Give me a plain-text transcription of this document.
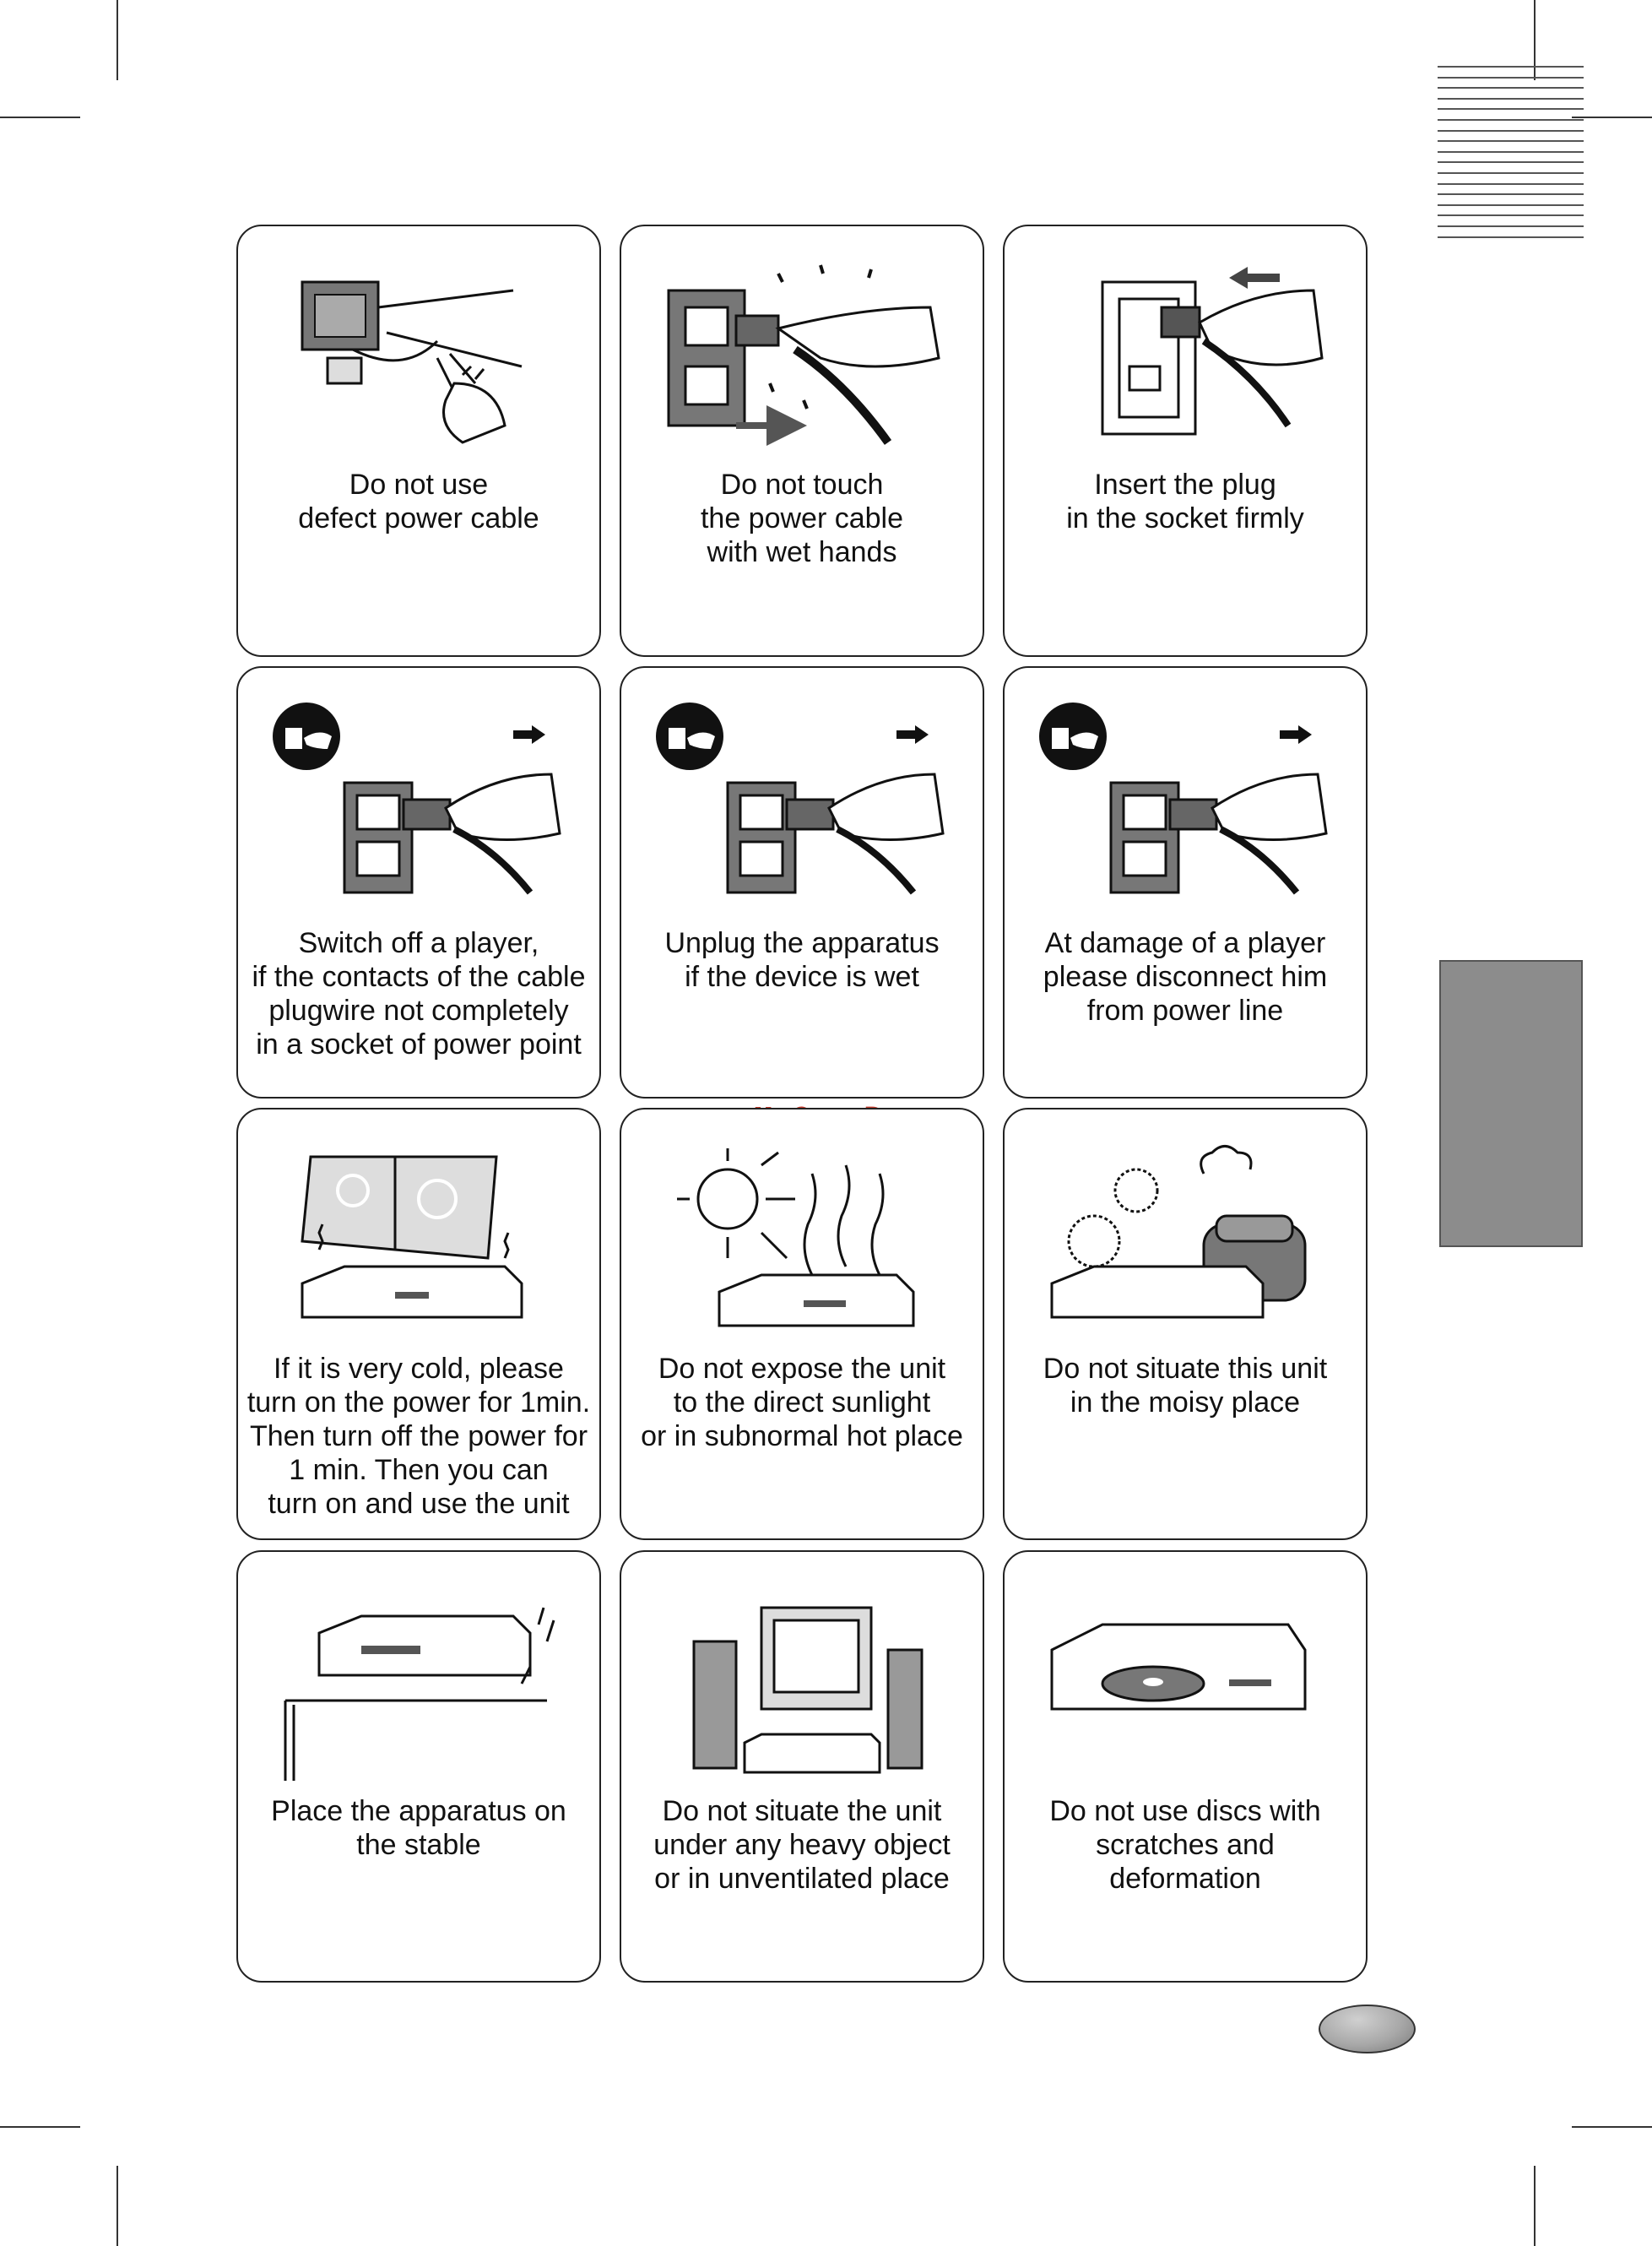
Do not use
defect power cable
Do not touch
the power cable
with wet hands
Insert the plug
in the socket firmly
Switch off a player,
if the contacts of the cable
plugwire not completely
in a socket of power point
Unplug the apparatus
if the device is wet
At damage of a player
please disconnect him
from power line
If it is very cold, please
turn on the power for 1min.
Then turn off the power for
1 min. Then you can
turn on and use the unit
Do not expose the unit
to the direct sunlight
or in subnormal hot place
Do not situate this unit
in the moisy place
Place the apparatus on
the stable
Do not situate the unit
under any heavy object
or in unventilated place
Do not use discs with
scratches and
deformation
